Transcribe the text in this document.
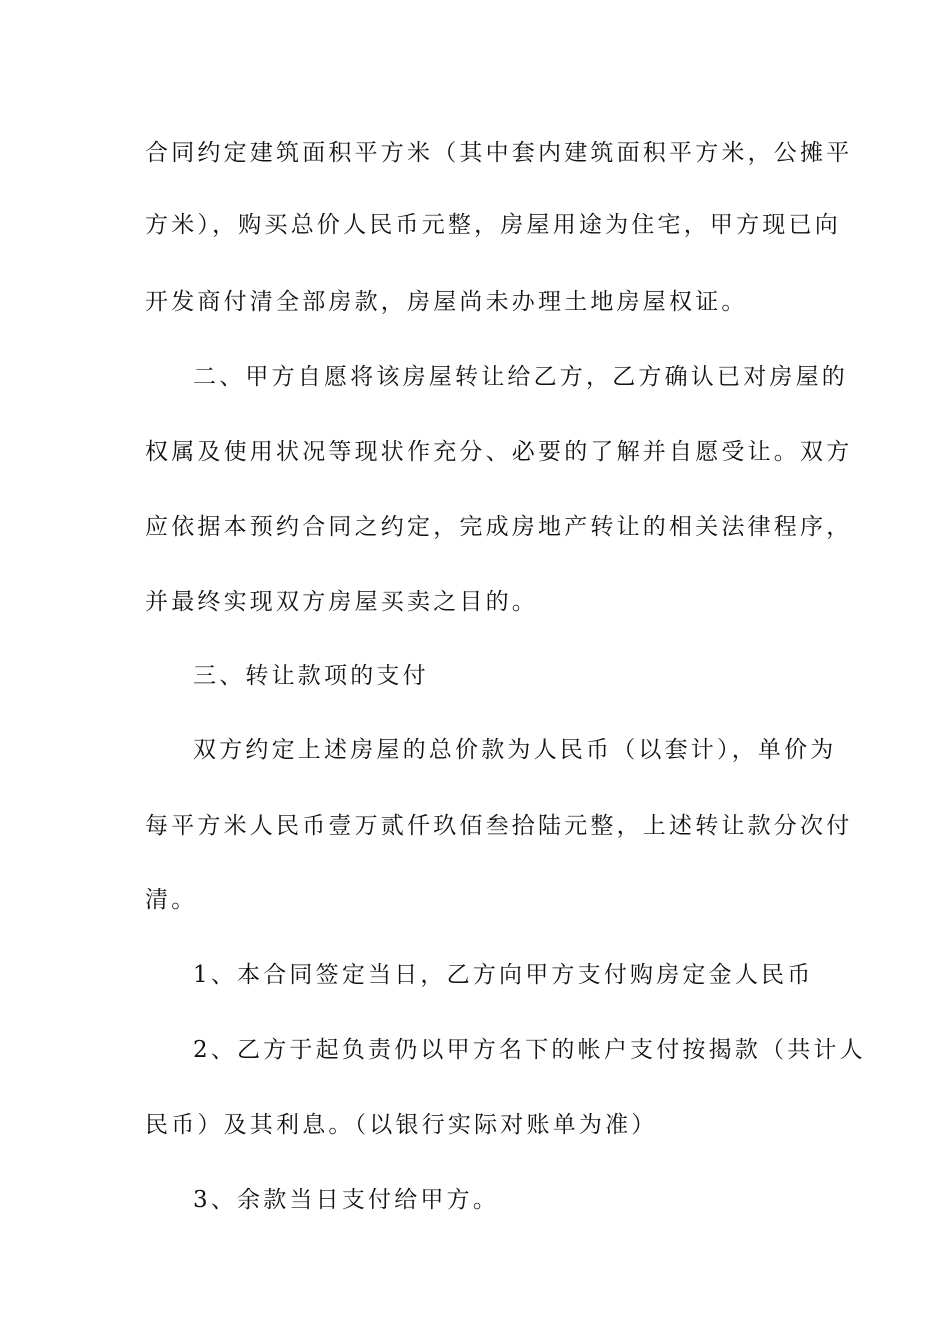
合同约定建筑面积平方米（其中套内建筑面积平方米，公摊平
方米），购买总价人民币元整，房屋用途为住宅，甲方现已向
开发商付清全部房款，房屋尚未办理土地房屋权证。
二、甲方自愿将该房屋转让给乙方，乙方确认已对房屋的
权属及使用状况等现状作充分、必要的了解并自愿受让。双方
应依据本预约合同之约定，完成房地产转让的相关法律程序，
并最终实现双方房屋买卖之目的。
三、转让款项的支付
双方约定上述房屋的总价款为人民币（以套计），单价为
每平方米人民币壹万贰仟玖佰叁拾陆元整，上述转让款分次付
清。
1、本合同签定当日，乙方向甲方支付购房定金人民币
2、乙方于起负责仍以甲方名下的帐户支付按揭款（共计人
民币）及其利息。（以银行实际对账单为准）
3、余款当日支付给甲方。
